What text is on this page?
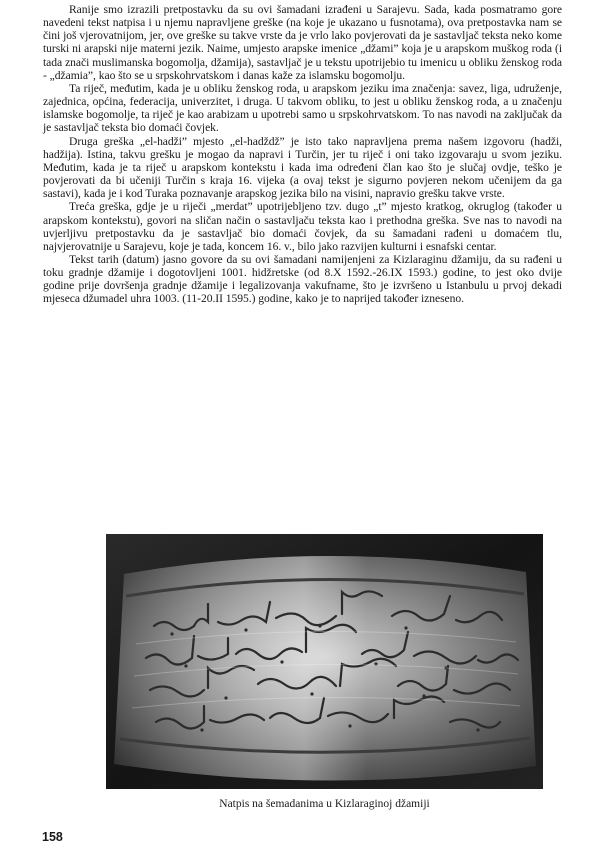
Ranije smo izrazili pretpostavku da su ovi šamadani izrađeni u Sarajevu. Sada, kada posmatramo gore navedeni tekst natpisa i u njemu napravljene greške (na koje je ukazano u fusnotama), ova pretpostavka nam se čini još vjerovatnijom, jer, ove greške su takve vrste da je vrlo lako povjerovati da je sastavljač teksta neko kome turski ni arapski nije materni jezik. Naime, umjesto arapske imenice „džami” koja je u arapskom muškog roda (i tada znači muslimanska bogomolja, džamija), sastavljač je u tekstu upotrijebio tu imenicu u obliku ženskog roda - „džamia”, kao što se u srpskohrvatskom i danas kaže za islamsku bogomolju.

Ta riječ, međutim, kada je u obliku ženskog roda, u arapskom jeziku ima značenja: savez, liga, udruženje, zajednica, općina, federacija, univerzitet, i druga. U takvom obliku, to jest u obliku ženskog roda, a u značenju islamske bogomolje, ta riječ je kao arabizam u upotrebi samo u srpskohrvatskom. To nas navodi na zaključak da je sastavljač teksta bio domaći čovjek.

Druga greška „el-hadži” mjesto „el-hadždž” je isto tako napravljena prema našem izgovoru (hadži, hadžija). Istina, takvu grešku je mogao da napravi i Turčin, jer tu riječ i oni tako izgovaraju u svom jeziku. Međutim, kada je ta riječ u arapskom kontekstu i kada ima određeni član kao što je slučaj ovdje, teško je povjerovati da bi učeniji Turčin s kraja 16. vijeka (a ovaj tekst je sigurno povjeren nekom učenijem da ga sastavi), kada je i kod Turaka poznavanje arapskog jezika bilo na visini, napravio grešku takve vrste.

Treća greška, gdje je u riječi „merdat” upotrijebljeno tzv. dugo „t” mjesto kratkog, okruglog (također u arapskom kontekstu), govori na sličan način o sastavljaču teksta kao i prethodna greška. Sve nas to navodi na uvjerljivu pretpostavku da je sastavljač bio domaći čovjek, da su šamadani rađeni u domaćem tlu, najvjerovatnije u Sarajevu, koje je tada, koncem 16. v., bilo jako razvijen kulturni i esnafski centar.

Tekst tarih (datum) jasno govore da su ovi šamadani namijenjeni za Kizlaraginu džamiju, da su rađeni u toku gradnje džamije i dogotovljeni 1001. hidžretske (od 8.X 1592.-26.IX 1593.) godine, to jest oko dvije godine prije dovršenja gradnje džamije i legalizovanja vakufname, što je izvršeno u Istanbulu u prvoj dekadi mjeseca džumadel uhra 1003. (11-20.II 1595.) godine, kako je to naprijed također izneseno.

Natpis na šemadanima u Kizlaraginoj džamiji
158
